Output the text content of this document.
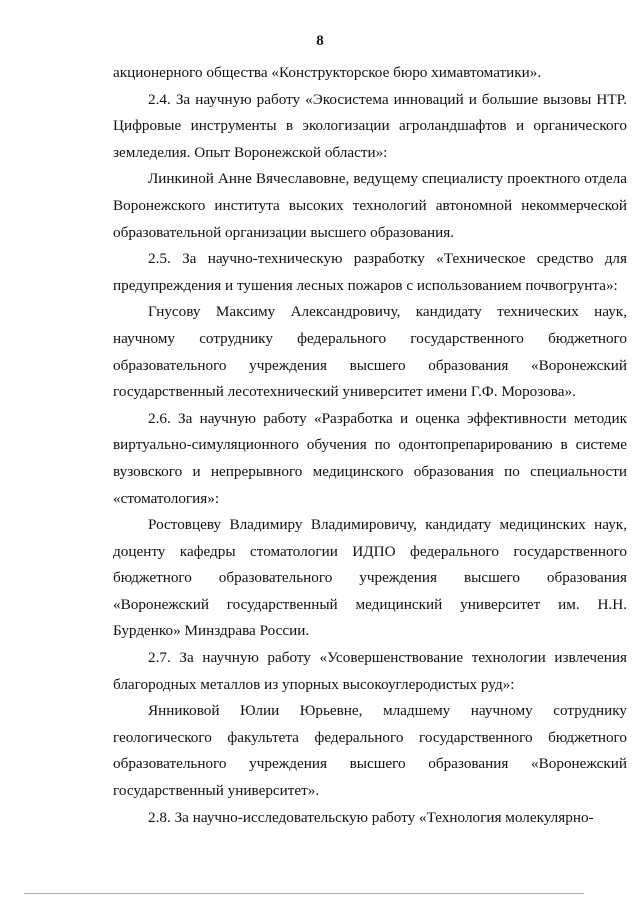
8

акционерного общества «Конструкторское бюро химавтоматики».

2.4. За научную работу «Экосистема инноваций и большие вызовы НТР. Цифровые инструменты в экологизации агроландшафтов и органического земледелия. Опыт Воронежской области»:

Линкиной Анне Вячеславовне, ведущему специалисту проектного отдела Воронежского института высоких технологий автономной некоммерческой образовательной организации высшего образования.

2.5. За научно-техническую разработку «Техническое средство для предупреждения и тушения лесных пожаров с использованием почвогрунта»:

Гнусову Максиму Александровичу, кандидату технических наук, научному сотруднику федерального государственного бюджетного образовательного учреждения высшего образования «Воронежский государственный лесотехнический университет имени Г.Ф. Морозова».

2.6. За научную работу «Разработка и оценка эффективности методик виртуально-симуляционного обучения по одонтопрепарированию в системе вузовского и непрерывного медицинского образования по специальности «стоматология»:

Ростовцеву Владимиру Владимировичу, кандидату медицинских наук, доценту кафедры стоматологии ИДПО федерального государственного бюджетного образовательного учреждения высшего образования «Воронежский государственный медицинский университет им. Н.Н. Бурденко» Минздрава России.

2.7. За научную работу «Усовершенствование технологии извлечения благородных металлов из упорных высокоуглеродистых руд»:

Янниковой Юлии Юрьевне, младшему научному сотруднику геологического факультета федерального государственного бюджетного образовательного учреждения высшего образования «Воронежский государственный университет».

2.8. За научно-исследовательскую работу «Технология молекулярно-
